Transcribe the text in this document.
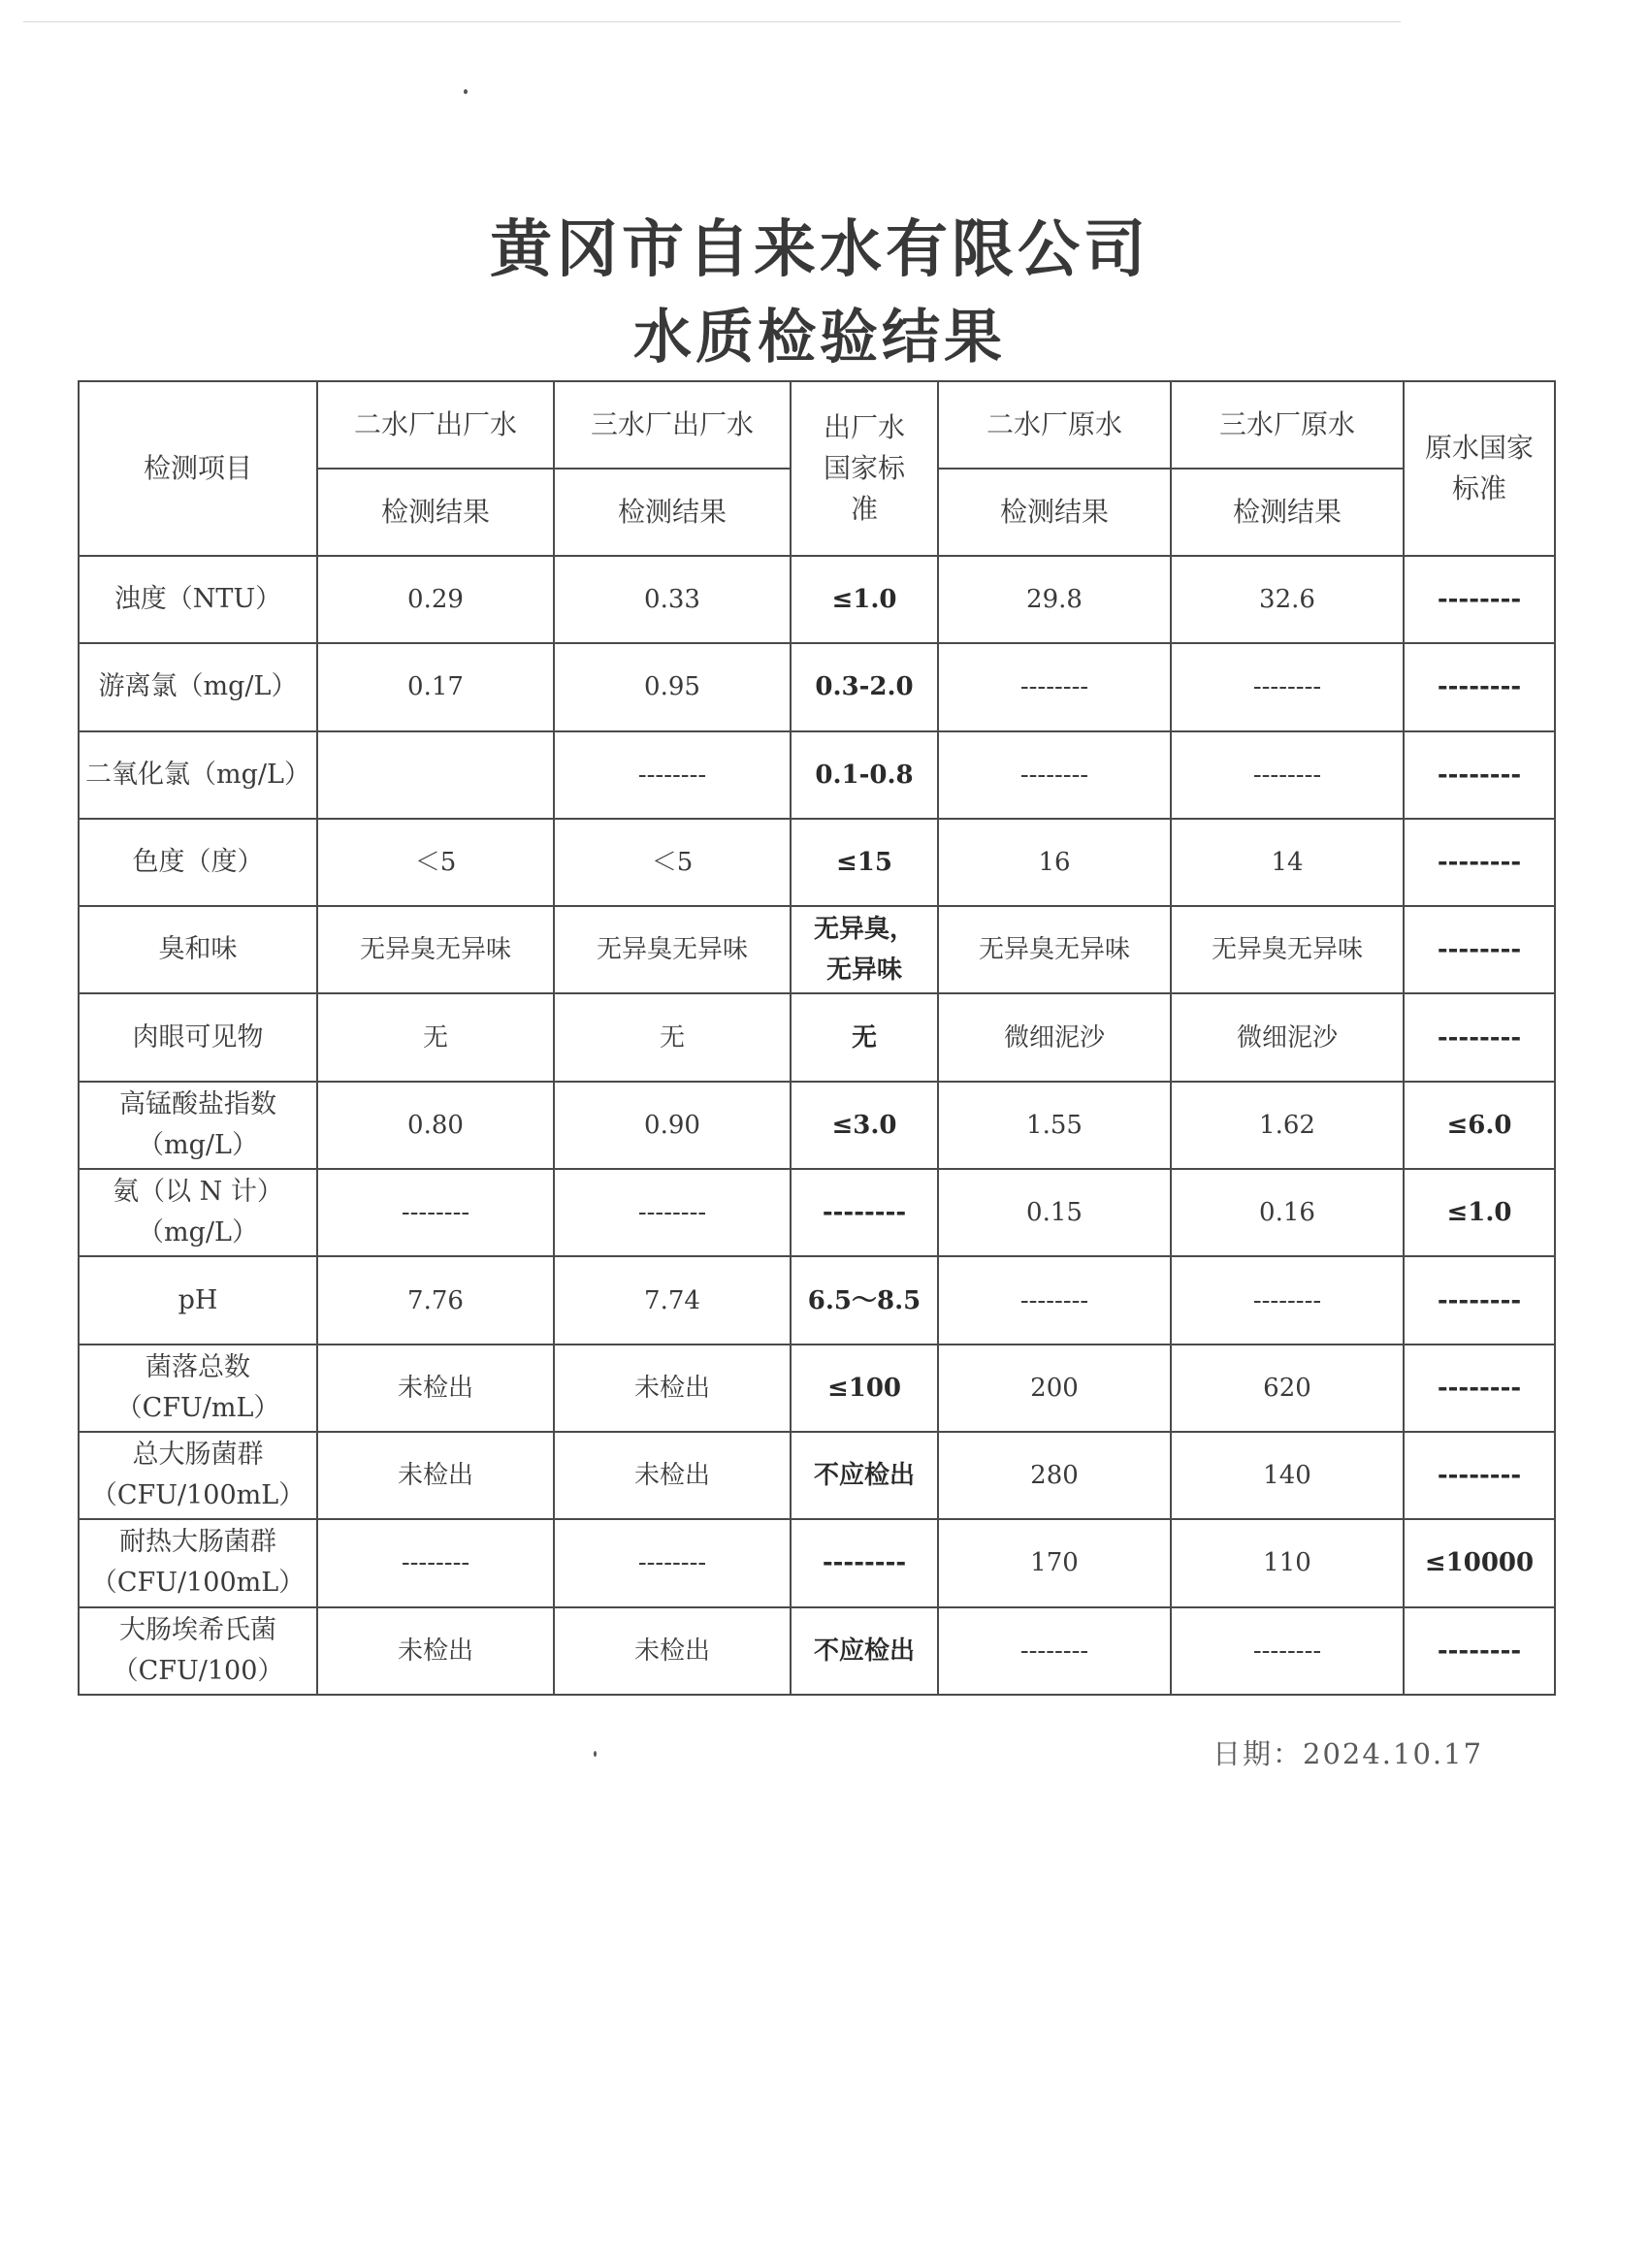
黄冈市自来水有限公司
水质检验结果
检测项目	二水厂出厂水	三水厂出厂水	出厂水国家标准	二水厂原水	三水厂原水	原水国家标准

	检测结果	检测结果		检测结果	检测结果	

浊度（NTU）	0.29	0.33	≤1.0	29.8	32.6	--------

游离氯（mg/L）	0.17	0.95	0.3-2.0	--------	--------	--------

二氧化氯（mg/L）		--------	0.1-0.8	--------	--------	--------

色度（度）	＜5	＜5	≤15	16	14	--------

臭和味	无异臭无异味	无异臭无异味	无异臭，
无异味	无异臭无异味	无异臭无异味	--------

肉眼可见物	无	无	无	微细泥沙	微细泥沙	--------

高锰酸盐指数
（mg/L）	0.80	0.90	≤3.0	1.55	1.62	≤6.0

氨（以 N 计）
（mg/L）	--------	--------	--------	0.15	0.16	≤1.0

pH	7.76	7.74	6.5～8.5	--------	--------	--------

菌落总数
（CFU/mL）	未检出	未检出	≤100	200	620	--------

总大肠菌群
（CFU/100mL）	未检出	未检出	不应检出	280	140	--------

耐热大肠菌群
（CFU/100mL）	--------	--------	--------	170	110	≤10000

大肠埃希氏菌
（CFU/100）	未检出	未检出	不应检出	--------	--------	--------
日期：2024.10.17
